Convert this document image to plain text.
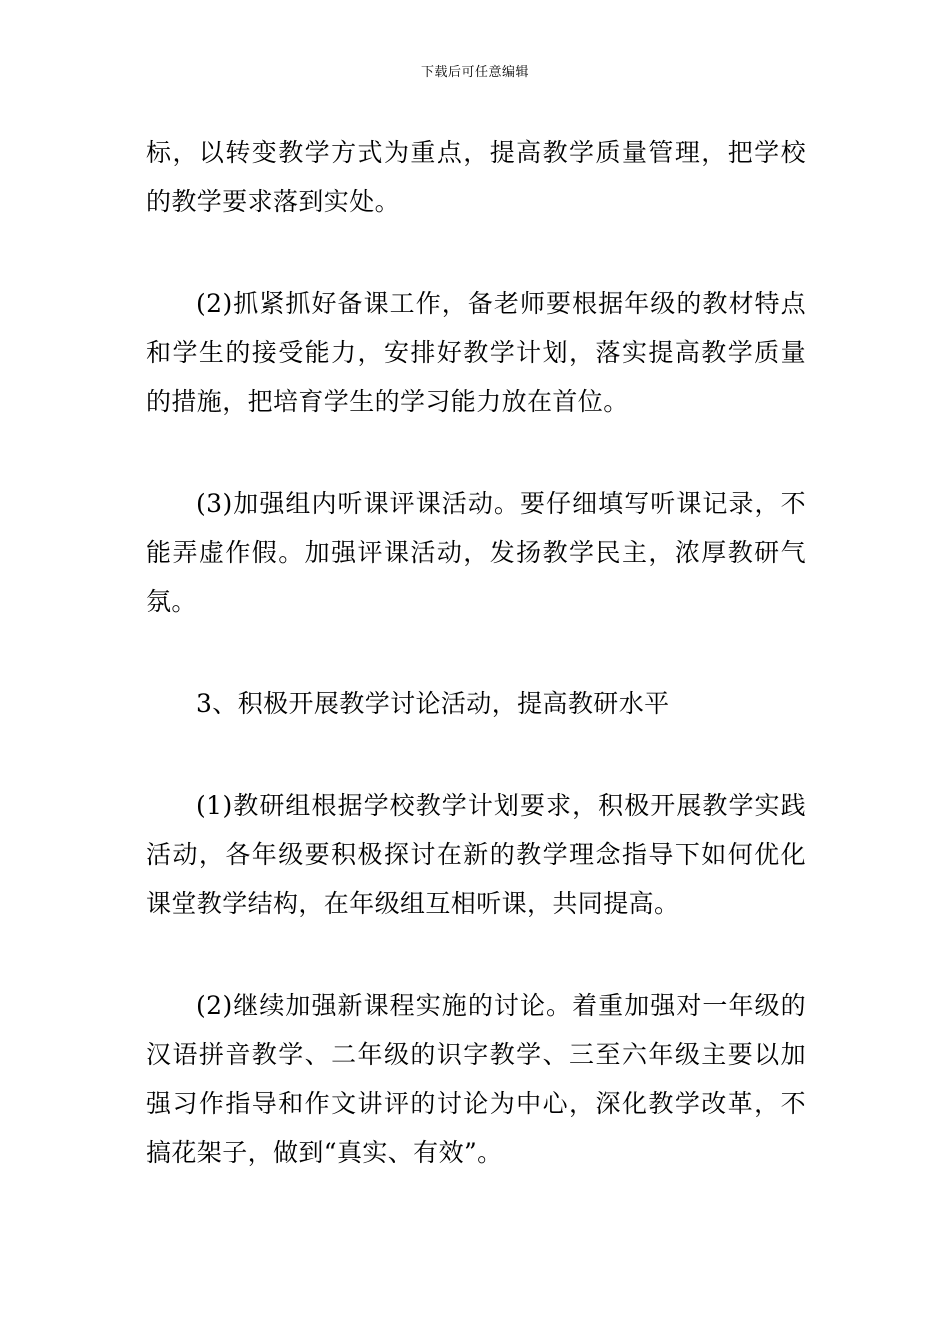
下载后可任意编辑

标，以转变教学方式为重点，提高教学质量管理，把学校的教学要求落到实处。

(2)抓紧抓好备课工作，备老师要根据年级的教材特点和学生的接受能力，安排好教学计划，落实提高教学质量的措施，把培育学生的学习能力放在首位。

(3)加强组内听课评课活动。要仔细填写听课记录，不能弄虚作假。加强评课活动，发扬教学民主，浓厚教研气氛。

3、积极开展教学讨论活动，提高教研水平

(1)教研组根据学校教学计划要求，积极开展教学实践活动，各年级要积极探讨在新的教学理念指导下如何优化课堂教学结构，在年级组互相听课，共同提高。

(2)继续加强新课程实施的讨论。着重加强对一年级的汉语拼音教学、二年级的识字教学、三至六年级主要以加强习作指导和作文讲评的讨论为中心，深化教学改革，不搞花架子，做到“真实、有效”。
